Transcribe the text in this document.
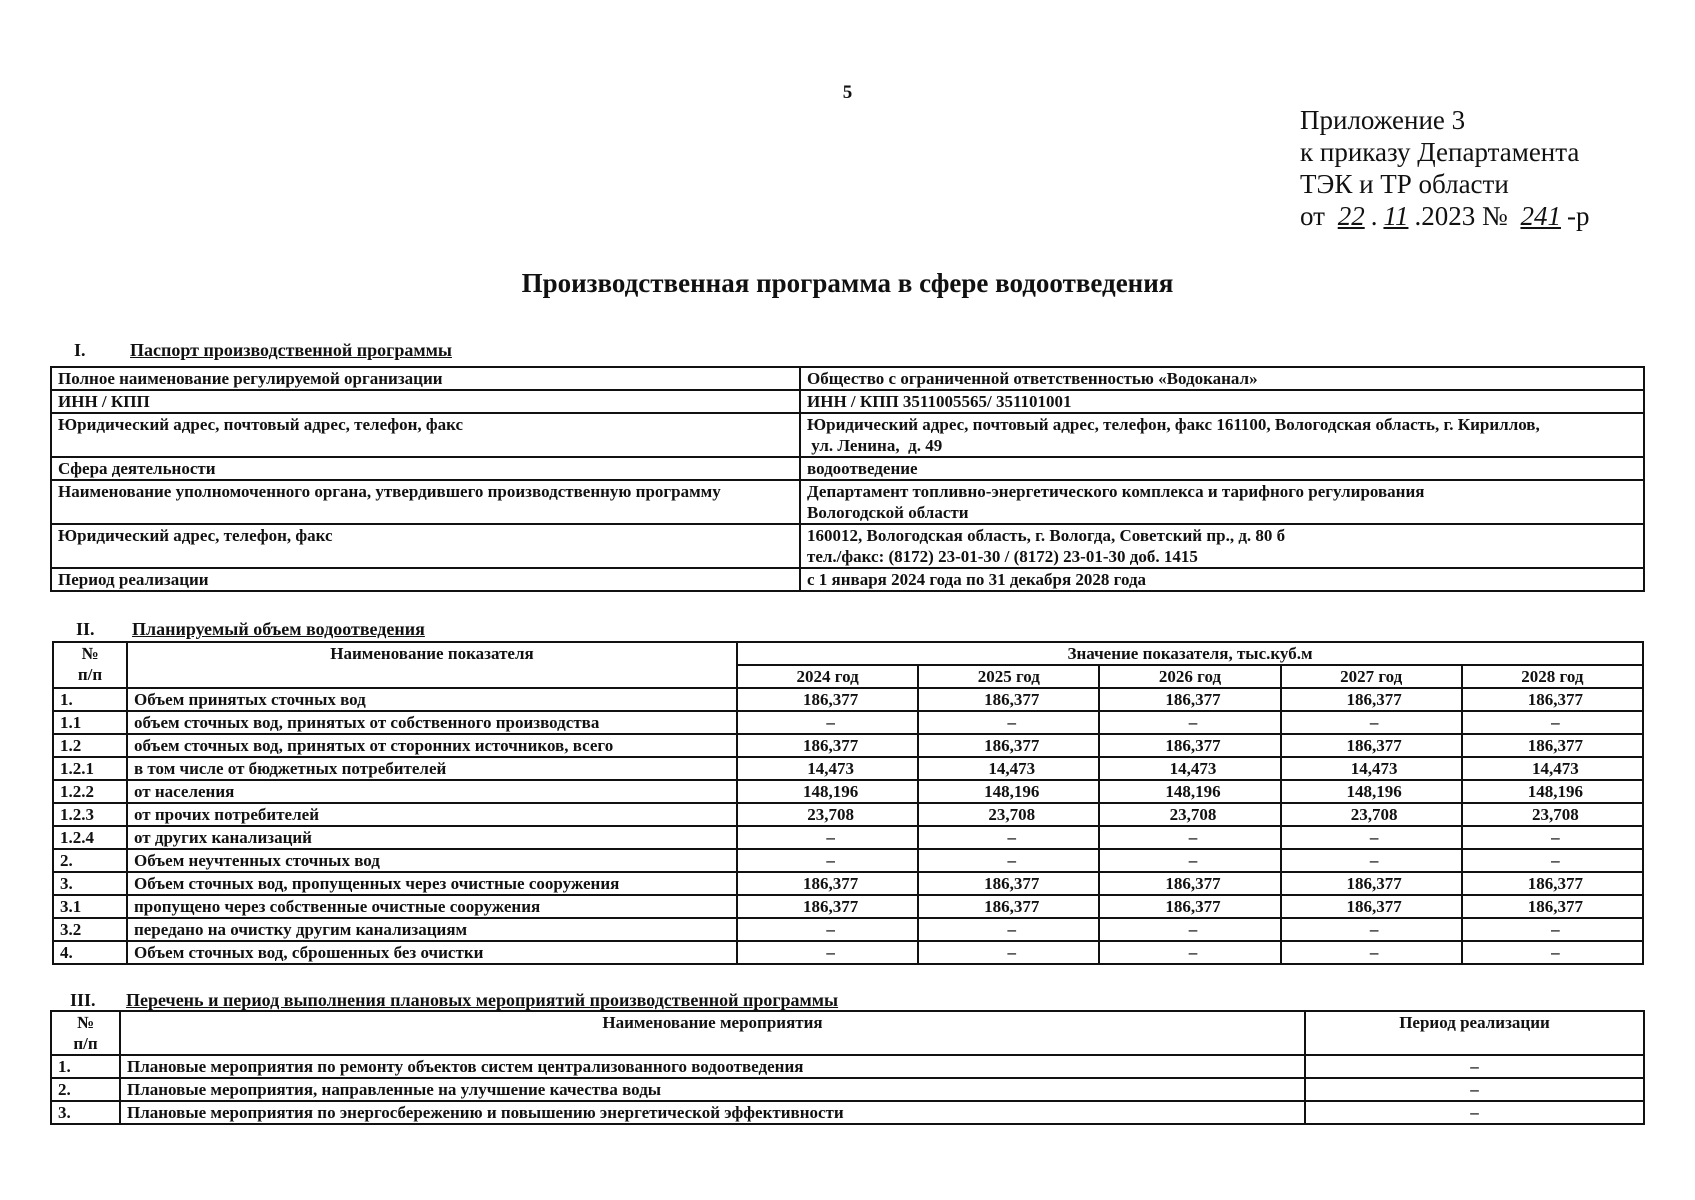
5
Приложение 3
к приказу Департамента
ТЭК и ТР области
от 22 . 11 .2023 № 241 -р
Производственная программа в сфере водоотведения
I. Паспорт производственной программы
Полное наименование регулируемой организации	Общество с ограниченной ответственностью «Водоканал»

ИНН / КПП	ИНН / КПП 3511005565/ 351101001

Юридический адрес, почтовый адрес, телефон, факс	Юридический адрес, почтовый адрес, телефон, факс 161100, Вологодская область, г. Кириллов,
ул. Ленина,  д. 49

Сфера деятельности	водоотведение

Наименование уполномоченного органа, утвердившего производственную программу	Департамент топливно-энергетического комплекса и тарифного регулирования
Вологодской области

Юридический адрес, телефон, факс	160012, Вологодская область, г. Вологда, Советский пр., д. 80 б
тел./факс: (8172) 23-01-30 / (8172) 23-01-30 доб. 1415

Период реализации	с 1 января 2024 года по 31 декабря 2028 года
II. Планируемый объем водоотведения
№
п/п	Наименование показателя	Значение показателя, тыс.куб.м				
		2024 год	2025 год	2026 год	2027 год	2028 год
1.	Объем принятых сточных вод	186,377	186,377	186,377	186,377	186,377
1.1	объем сточных вод, принятых от собственного производства	–	–	–	–	–
1.2	объем сточных вод, принятых от сторонних источников, всего	186,377	186,377	186,377	186,377	186,377
1.2.1	в том числе от бюджетных потребителей	14,473	14,473	14,473	14,473	14,473
1.2.2	от населения	148,196	148,196	148,196	148,196	148,196
1.2.3	от прочих потребителей	23,708	23,708	23,708	23,708	23,708
1.2.4	от других канализаций	–	–	–	–	–
2.	Объем неучтенных сточных вод	–	–	–	–	–
3.	Объем сточных вод, пропущенных через очистные сооружения	186,377	186,377	186,377	186,377	186,377
3.1	пропущено через собственные очистные сооружения	186,377	186,377	186,377	186,377	186,377
3.2	передано на очистку другим канализациям	–	–	–	–	–
4.	Объем сточных вод, сброшенных без очистки	–	–	–	–	–
III. Перечень и период выполнения плановых мероприятий производственной программы
№
п/п	Наименование мероприятия	Период реализации
1.	Плановые мероприятия по ремонту объектов систем централизованного водоотведения	–
2.	Плановые мероприятия, направленные на улучшение качества воды	–
3.	Плановые мероприятия по энергосбережению и повышению энергетической эффективности	–
